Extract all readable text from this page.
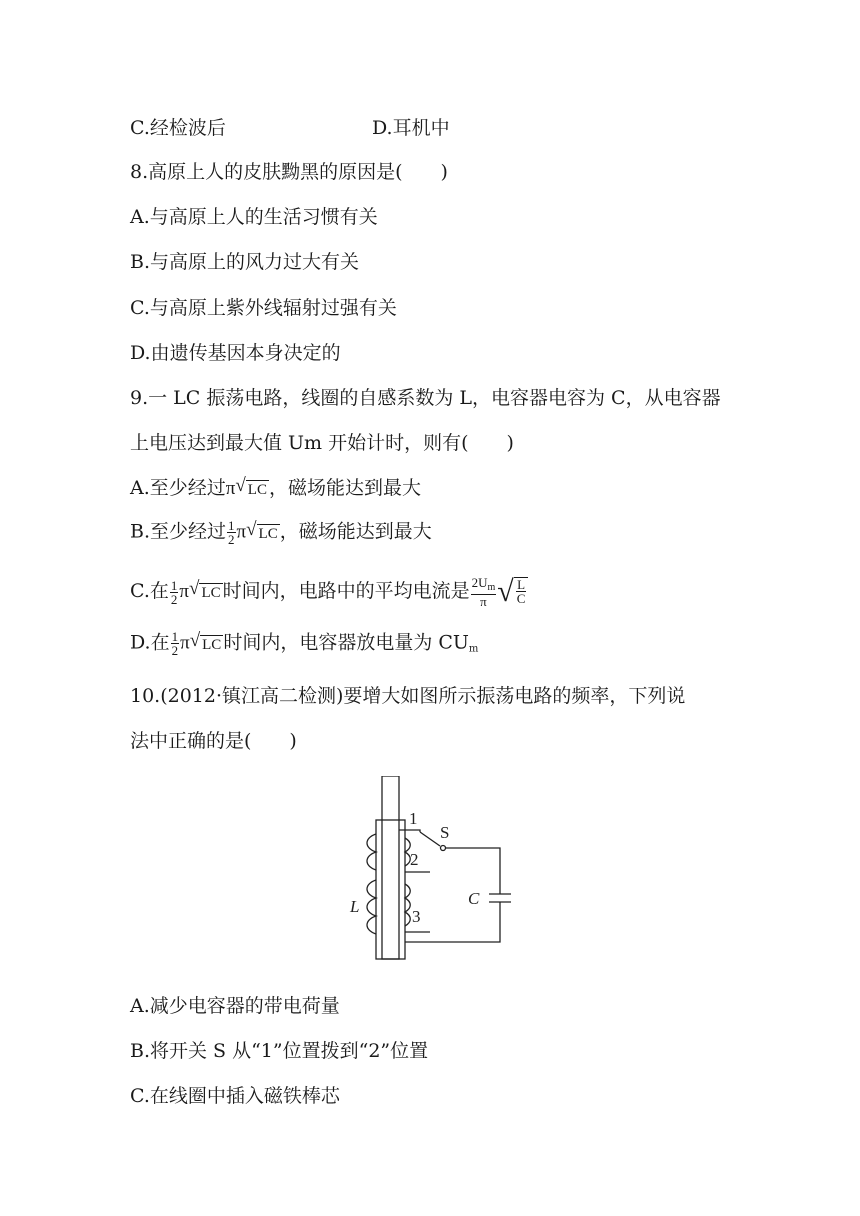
C.经检波后	D.耳机中
8.高原上人的皮肤黝黑的原因是(　　)
A.与高原上人的生活习惯有关
B.与高原上的风力过大有关
C.与高原上紫外线辐射过强有关
D.由遗传基因本身决定的
9.一 LC 振荡电路，线圈的自感系数为 L，电容器电容为 C，从电容器
上电压达到最大值 Um 开始计时，则有(　　)
A.至少经过π√ LC ，磁场能达到最大
B.至少经过 $\frac{1}{2} \pi√$ LC ，磁场能达到最大
C.在 $\frac{1}{2} \pi√$ LC 时间内，电路中的平均电流是 $\frac{2U_m}{\pi}$ √ $\frac{L}{C}$
D.在 $\frac{1}{2} \pi√$ LC 时间内，电容器放电量为 $CU_m$
10.(2012·镇江高二检测)要增大如图所示振荡电路的频率，下列说
法中正确的是(　　)
1
2
3
S
L	C
A.减少电容器的带电荷量
B.将开关 S 从“1”位置拨到“2”位置
C.在线圈中插入磁铁棒芯
